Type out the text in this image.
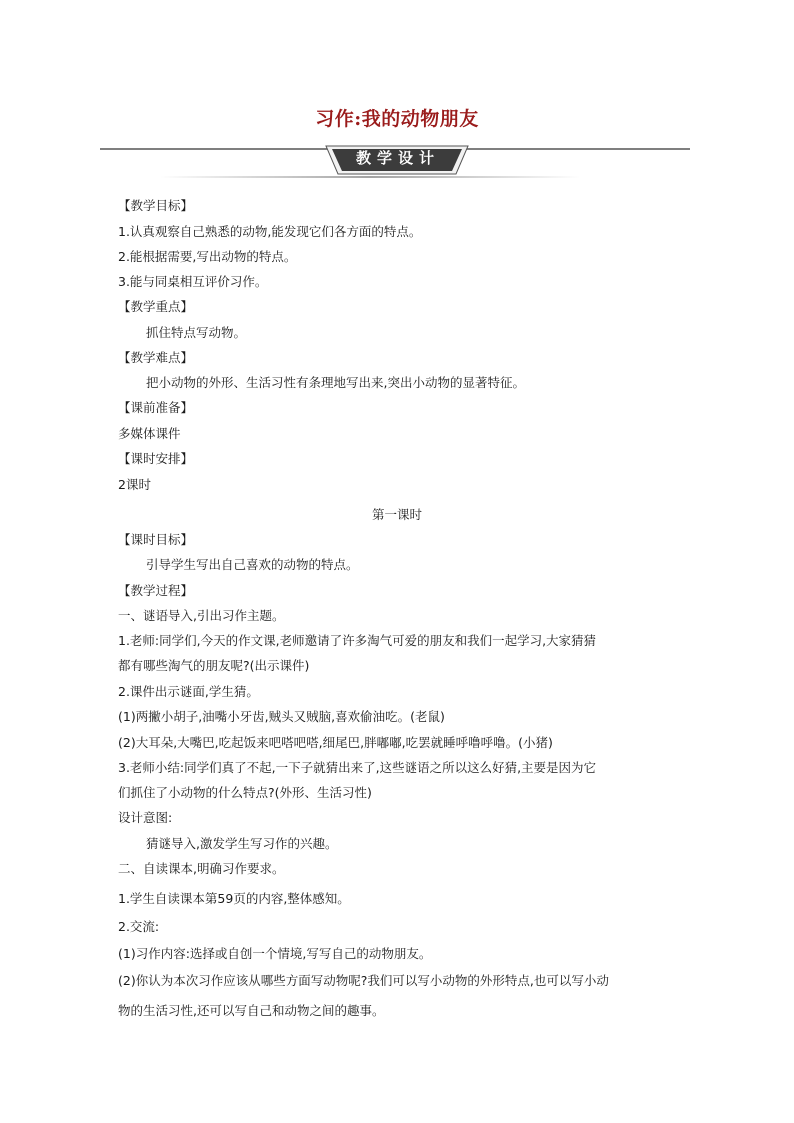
习作:我的动物朋友
教学设计
【教学目标】
1.认真观察自己熟悉的动物,能发现它们各方面的特点。
2.能根据需要,写出动物的特点。
3.能与同桌相互评价习作。
【教学重点】
抓住特点写动物。
【教学难点】
把小动物的外形、生活习性有条理地写出来,突出小动物的显著特征。
【课前准备】
多媒体课件
【课时安排】
2课时
第一课时
【课时目标】
引导学生写出自己喜欢的动物的特点。
【教学过程】
一、谜语导入,引出习作主题。
1.老师:同学们,今天的作文课,老师邀请了许多淘气可爱的朋友和我们一起学习,大家猜猜
都有哪些淘气的朋友呢?(出示课件)
2.课件出示谜面,学生猜。
(1)两撇小胡子,油嘴小牙齿,贼头又贼脑,喜欢偷油吃。(老鼠)
(2)大耳朵,大嘴巴,吃起饭来吧嗒吧嗒,细尾巴,胖嘟嘟,吃罢就睡呼噜呼噜。(小猪)
3.老师小结:同学们真了不起,一下子就猜出来了,这些谜语之所以这么好猜,主要是因为它
们抓住了小动物的什么特点?(外形、生活习性)
设计意图:
猜谜导入,激发学生写习作的兴趣。
二、自读课本,明确习作要求。
1.学生自读课本第59页的内容,整体感知。
2.交流:
(1)习作内容:选择或自创一个情境,写写自己的动物朋友。
(2)你认为本次习作应该从哪些方面写动物呢?我们可以写小动物的外形特点,也可以写小动
物的生活习性,还可以写自己和动物之间的趣事。
